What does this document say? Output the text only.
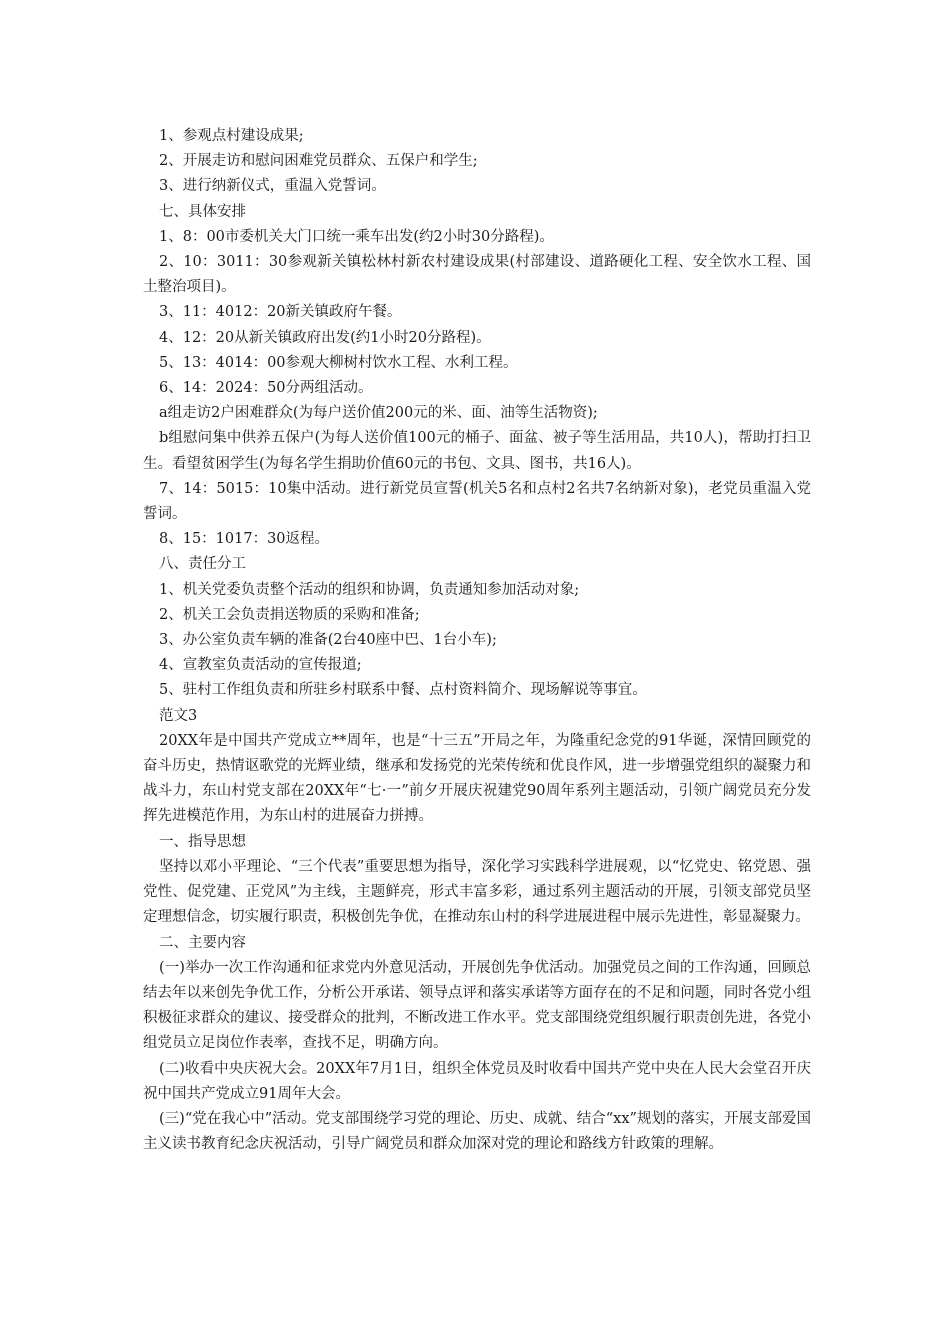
1、参观点村建设成果;

2、开展走访和慰问困难党员群众、五保户和学生;

3、进行纳新仪式，重温入党誓词。

七、具体安排

1、8：00市委机关大门口统一乘车出发(约2小时30分路程)。

2、10：3011：30参观新关镇松林村新农村建设成果(村部建设、道路硬化工程、安全饮水工程、国土整治项目)。

3、11：4012：20新关镇政府午餐。

4、12：20从新关镇政府出发(约1小时20分路程)。

5、13：4014：00参观大柳树村饮水工程、水利工程。

6、14：2024：50分两组活动。

a组走访2户困难群众(为每户送价值200元的米、面、油等生活物资);

b组慰问集中供养五保户(为每人送价值100元的桶子、面盆、被子等生活用品，共10人)，帮助打扫卫生。看望贫困学生(为每名学生捐助价值60元的书包、文具、图书，共16人)。

7、14：5015：10集中活动。进行新党员宣誓(机关5名和点村2名共7名纳新对象)，老党员重温入党誓词。

8、15：1017：30返程。

八、责任分工

1、机关党委负责整个活动的组织和协调，负责通知参加活动对象;

2、机关工会负责捐送物质的采购和准备;

3、办公室负责车辆的准备(2台40座中巴、1台小车);

4、宣教室负责活动的宣传报道;

5、驻村工作组负责和所驻乡村联系中餐、点村资料简介、现场解说等事宜。

范文3

20XX年是中国共产党成立**周年，也是“十三五”开局之年，为隆重纪念党的91华诞，深情回顾党的奋斗历史，热情讴歌党的光辉业绩，继承和发扬党的光荣传统和优良作风，进一步增强党组织的凝聚力和战斗力，东山村党支部在20XX年“七·一”前夕开展庆祝建党90周年系列主题活动，引领广阔党员充分发挥先进模范作用，为东山村的进展奋力拼搏。

一、指导思想

坚持以邓小平理论、“三个代表”重要思想为指导，深化学习实践科学进展观，以“忆党史、铭党恩、强党性、促党建、正党风”为主线，主题鲜亮，形式丰富多彩，通过系列主题活动的开展，引领支部党员坚定理想信念，切实履行职责，积极创先争优，在推动东山村的科学进展进程中展示先进性，彰显凝聚力。

二、主要内容

(一)举办一次工作沟通和征求党内外意见活动，开展创先争优活动。加强党员之间的工作沟通，回顾总结去年以来创先争优工作，分析公开承诺、领导点评和落实承诺等方面存在的不足和问题，同时各党小组积极征求群众的建议、接受群众的批判，不断改进工作水平。党支部围绕党组织履行职责创先进，各党小组党员立足岗位作表率，查找不足，明确方向。

(二)收看中央庆祝大会。20XX年7月1日，组织全体党员及时收看中国共产党中央在人民大会堂召开庆祝中国共产党成立91周年大会。

(三)“党在我心中”活动。党支部围绕学习党的理论、历史、成就、结合“xx”规划的落实，开展支部爱国主义读书教育纪念庆祝活动，引导广阔党员和群众加深对党的理论和路线方针政策的理解。
